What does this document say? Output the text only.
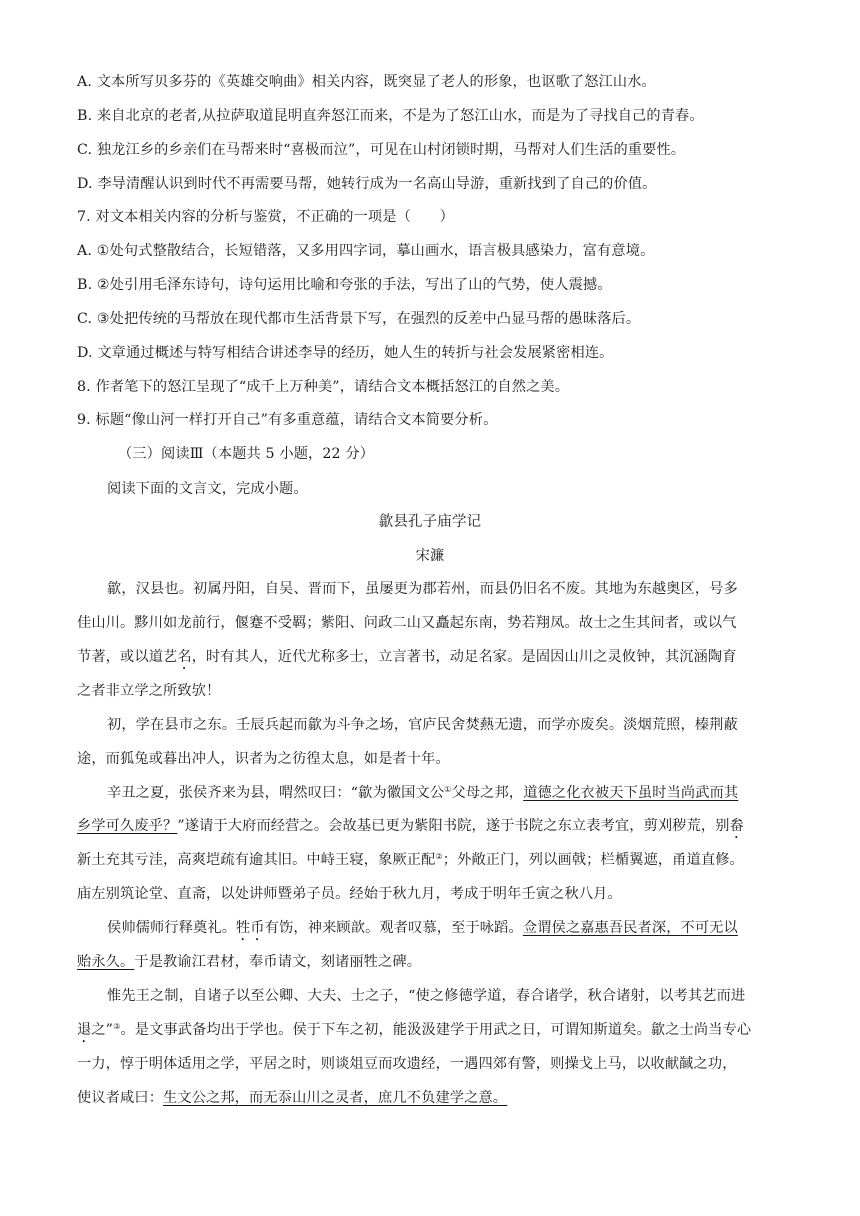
A. 文本所写贝多芬的《英雄交响曲》相关内容，既突显了老人的形象，也讴歌了怒江山水。
B. 来自北京的老者,从拉萨取道昆明直奔怒江而来，不是为了怒江山水，而是为了寻找自己的青春。
C. 独龙江乡的乡亲们在马帮来时“喜极而泣”，可见在山村闭锁时期，马帮对人们生活的重要性。
D. 李导清醒认识到时代不再需要马帮，她转行成为一名高山导游，重新找到了自己的价值。
7. 对文本相关内容的分析与鉴赏，不正确的一项是（　　）
A. ①处句式整散结合，长短错落，又多用四字词，摹山画水，语言极具感染力，富有意境。
B. ②处引用毛泽东诗句，诗句运用比喻和夸张的手法，写出了山的气势，使人震撼。
C. ③处把传统的马帮放在现代都市生活背景下写，在强烈的反差中凸显马帮的愚昧落后。
D. 文章通过概述与特写相结合讲述李导的经历，她人生的转折与社会发展紧密相连。
8. 作者笔下的怒江呈现了“成千上万种美”，请结合文本概括怒江的自然之美。
9. 标题“像山河一样打开自己”有多重意蕴，请结合文本简要分析。
（三）阅读Ⅲ（本题共 5 小题，22 分）
阅读下面的文言文，完成小题。
歙县孔子庙学记
宋濂
歙，汉县也。初属丹阳，自吴、晋而下，虽屡更为郡若州，而县仍旧名不废。其地为东越奥区，号多
佳山川。黟川如龙前行，偃蹇不受羁；紫阳、问政二山又矗起东南，势若翔凤。故士之生其间者，或以气
节著，或以道艺名，时有其人，近代尤称多士，立言著书，动足名家。是固因山川之灵攸钟，其沉涵陶育
之者非立学之所致欤！
初，学在县市之东。壬辰兵起而歙为斗争之场，官庐民舍焚爇无遗，而学亦废矣。淡烟荒照，榛荆蔽
途，而狐兔或暮出冲人，识者为之彷徨太息，如是者十年。
辛丑之夏，张侯齐来为县，喟然叹曰：“歙为徽国文公①父母之邦，道德之化衣被天下虽时当尚武而其
乡学可久废乎？”遂请于大府而经营之。会故基已更为紫阳书院，遂于书院之东立表考宜，剪刈秽荒，别畚
新土充其亏洼，高爽垲疏有逾其旧。中峙王寝，象厥正配②；外敞正门，列以画戟；栏楯翼遮，甬道直修。
庙左别筑论堂、直斋，以处讲师暨弟子员。经始于秋九月，考成于明年壬寅之秋八月。
侯帅儒师行释奠礼。牲币有饬，神来顾歆。观者叹慕，至于咏蹈。佥谓侯之嘉惠吾民者深，不可无以
贻永久。于是教谕江君材，奉币请文，刻诸丽牲之碑。
惟先王之制，自诸子以至公卿、大夫、士之子，“使之修德学道，春合诸学，秋合诸射，以考其艺而进
退之”③。是文事武备均出于学也。侯于下车之初，能汲汲建学于用武之日，可谓知斯道矣。歙之士尚当专心
一力，惇于明体适用之学，平居之时，则谈俎豆而攻遗经，一遇四郊有警，则操戈上马，以收献馘之功，
使议者咸曰：生文公之邦，而无忝山川之灵者，庶几不负建学之意。
